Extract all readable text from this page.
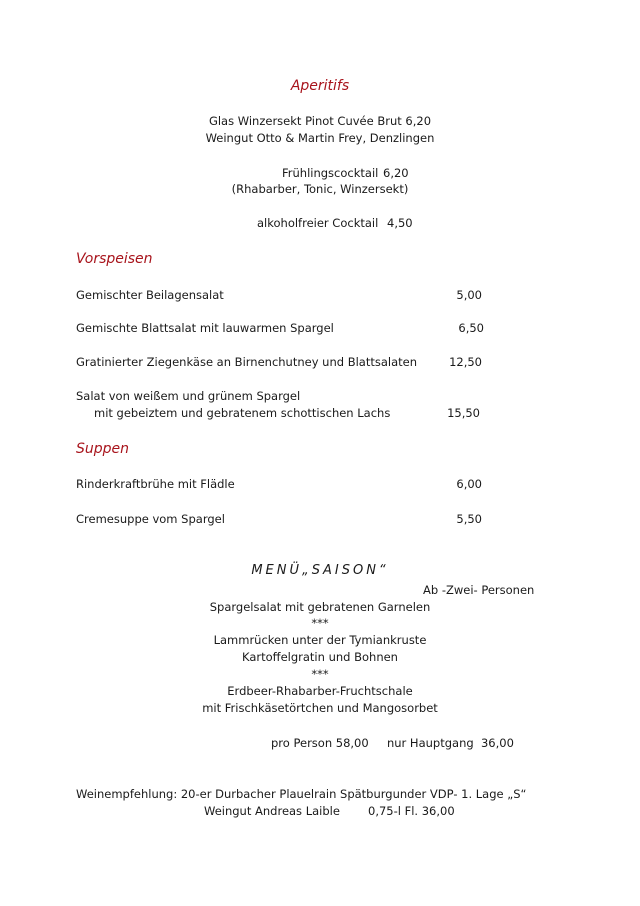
Aperitifs
Glas Winzersekt Pinot Cuvée Brut 6,20
Weingut Otto & Martin Frey, Denzlingen
Frühlingscocktail 6,20
(Rhabarber, Tonic, Winzersekt)
alkoholfreier Cocktail 4,50
Vorspeisen
Gemischter Beilagensalat	5,00
Gemischte Blattsalat mit lauwarmen Spargel	6,50
Gratinierter Ziegenkäse an Birnenchutney und Blattsalaten	12,50
Salat von weißem und grünem Spargel
mit gebeiztem und gebratenem schottischen Lachs	15,50
Suppen
Rinderkraftbrühe mit Flädle	6,00
Cremesuppe vom Spargel	5,50
MENÜ„SAISON“
Ab -Zwei- Personen
Spargelsalat mit gebratenen Garnelen
***
Lammrücken unter der Tymiankruste
Kartoffelgratin und Bohnen
***
Erdbeer-Rhabarber-Fruchtschale
mit Frischkäsetörtchen und Mangosorbet
pro Person 58,00     nur Hauptgang  36,00
Weinempfehlung: 20-er Durbacher Plauelrain Spätburgunder VDP- 1. Lage „S“
Weingut Andreas Laible 0,75-l Fl. 36,00
